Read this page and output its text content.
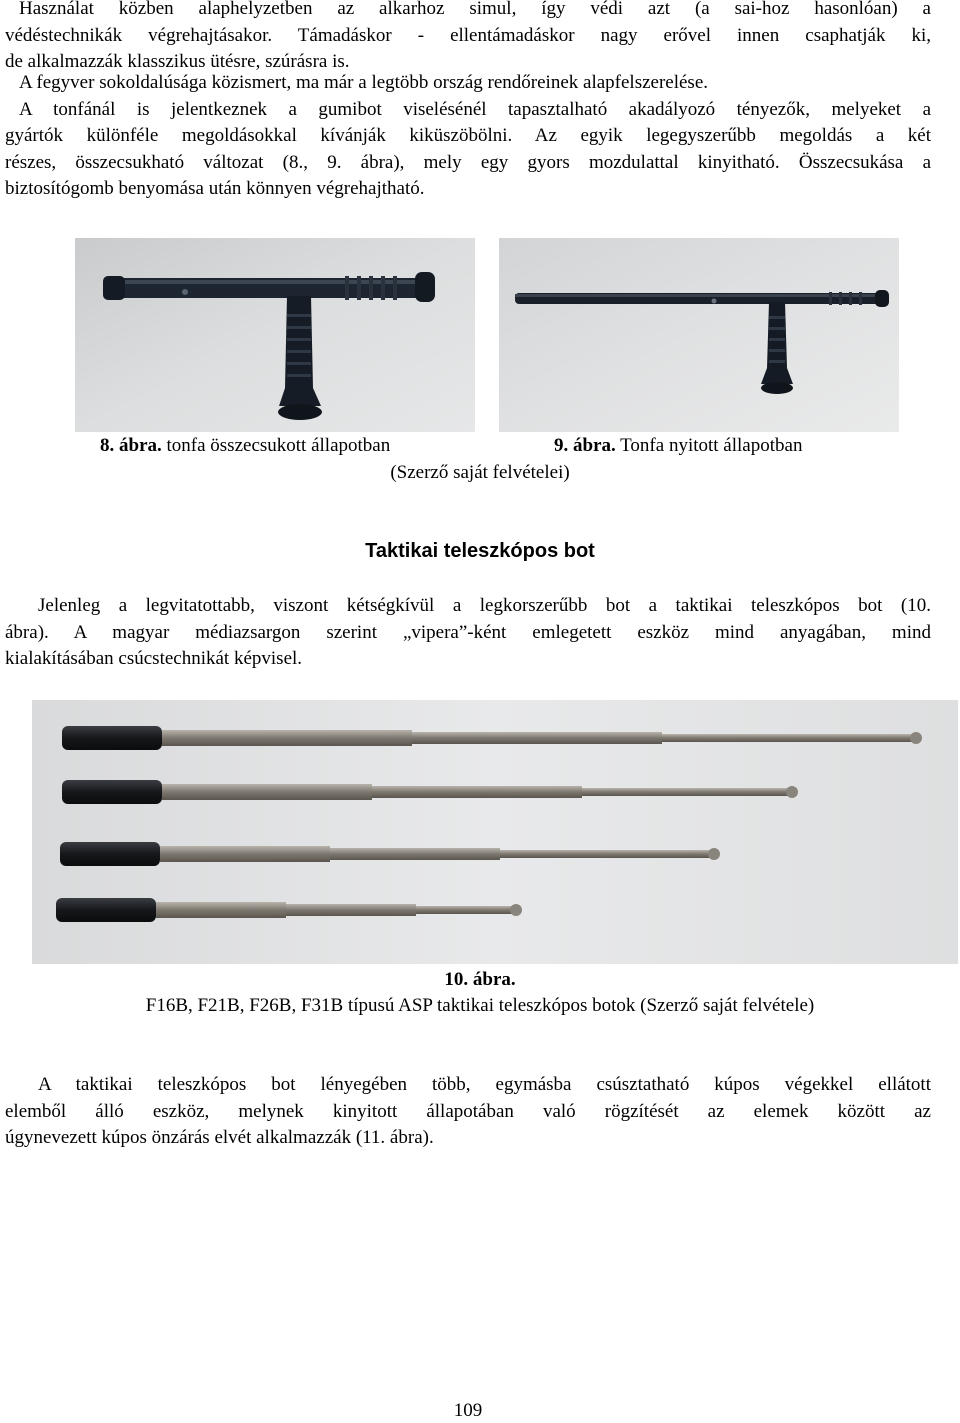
Használat közben alaphelyzetben az alkarhoz simul, így védi azt (a sai-hoz hasonlóan) a
védéstechnikák végrehajtásakor. Támadáskor - ellentámadáskor nagy erővel innen csaphatják ki,
de alkalmazzák klasszikus ütésre, szúrásra is.

A fegyver sokoldalúsága közismert, ma már a legtöbb ország rendőreinek alapfelszerelése.
A tonfánál is jelentkeznek a gumibot viselésénél tapasztalható akadályozó tényezők, melyeket a
gyártók különféle megoldásokkal kívánják kiküszöbölni. Az egyik legegyszerűbb megoldás a két
részes, összecsukható változat (8., 9. ábra), mely egy gyors mozdulattal kinyitható. Összecsukása a
biztosítógomb benyomása után könnyen végrehajtható.

8. ábra. tonfa összecsukott állapotban	9. ábra. Tonfa nyitott állapotban
(Szerző saját felvételei)
Taktikai teleszkópos bot

Jelenleg a legvitatottabb, viszont kétségkívül a legkorszerűbb bot a taktikai teleszkópos bot (10.
ábra). A magyar médiazsargon szerint „vipera”-ként emlegetett eszköz mind anyagában, mind
kialakításában csúcstechnikát képvisel.

10. ábra.
F16B, F21B, F26B, F31B típusú ASP taktikai teleszkópos botok (Szerző saját felvétele)

A taktikai teleszkópos bot lényegében több, egymásba csúsztatható kúpos végekkel ellátott
elemből álló eszköz, melynek kinyitott állapotában való rögzítését az elemek között az
úgynevezett kúpos önzárás elvét alkalmazzák (11. ábra).

109
